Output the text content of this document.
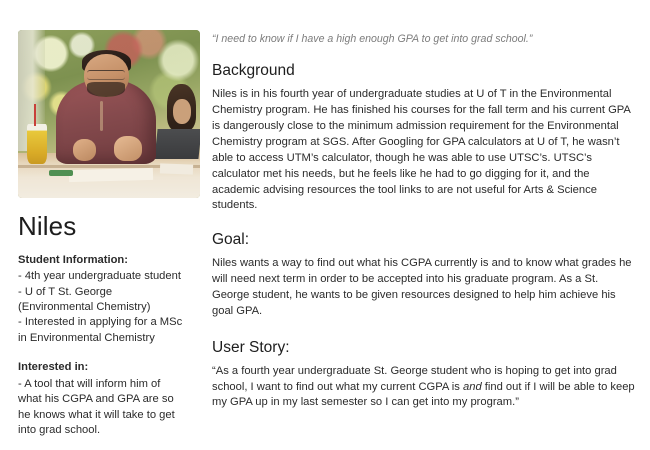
Niles
Student Information:
- 4th year undergraduate student
- U of T St. George
(Environmental Chemistry)
- Interested in applying for a MSc
in Environmental Chemistry
Interested in:
- A tool that will inform him of
what his CGPA and GPA are so
he knows what it will take to get
into grad school.

“I need to know if I have a high enough GPA to get into grad school.”

Background

Niles is in his fourth year of undergraduate studies at U of T in the Environmental Chemistry program. He has finished his courses for the fall term and his current GPA is dangerously close to the minimum admission requirement for the Environmental Chemistry program at SGS. After Googling for GPA calculators at U of T, he wasn’t able to access UTM’s calculator, though he was able to use UTSC’s. UTSC’s calculator met his needs, but he feels like he had to go digging for it, and the academic advising resources the tool links to are not useful for Arts & Science students.

Goal:

Niles wants a way to find out what his CGPA currently is and to know what grades he will need next term in order to be accepted into his graduate program. As a St. George student, he wants to be given resources designed to help him achieve his goal GPA.

User Story:

“As a fourth year undergraduate St. George student who is hoping to get into grad school, I want to find out what my current CGPA is and find out if I will be able to keep my GPA up in my last semester so I can get into my program.”
